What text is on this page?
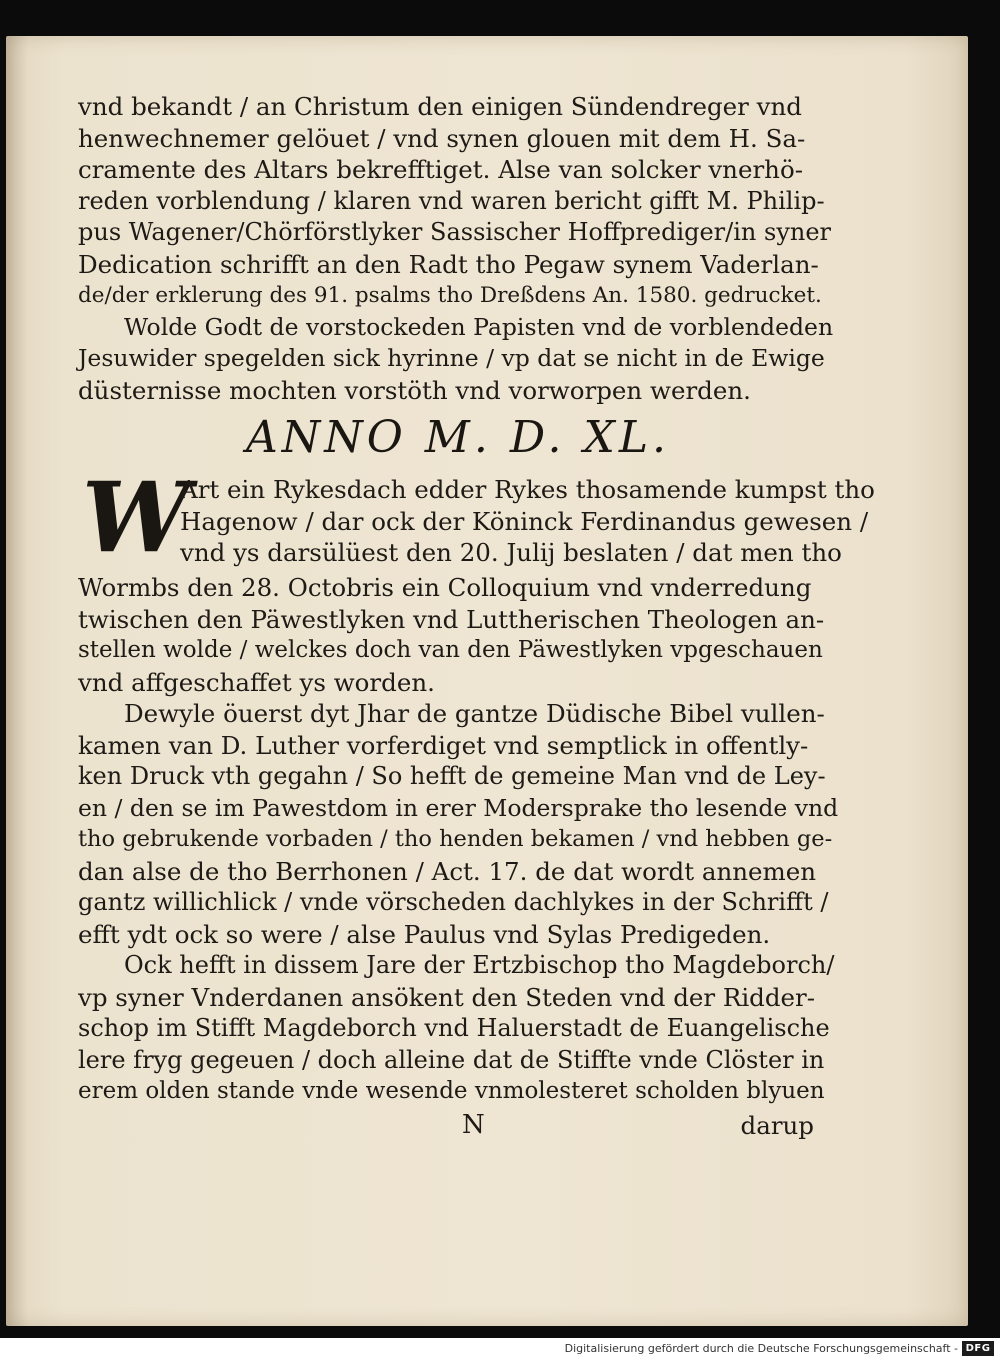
vnd bekandt / an Christum den einigen Sündendreger vnd
henwechnemer gelöuet / vnd synen glouen mit dem H. Sa-
cramente des Altars bekrefftiget. Alse van solcker vnerhö-
reden vorblendung / klaren vnd waren bericht gifft M. Philip-
pus Wagener/Chörförstlyker Sassischer Hoffprediger/in syner
Dedication schrifft an den Radt tho Pegaw synem Vaderlan-
de/der erklerung des 91. psalms tho Dreßdens An. 1580. gedrucket.
Wolde Godt de vorstockeden Papisten vnd de vorblendeden
Jesuwider spegelden sick hyrinne / vp dat se nicht in de Ewige
düsternisse mochten vorstöth vnd vorworpen werden.
ANNO M. D. XL.
W
Art ein Rykesdach edder Rykes thosamende kumpst tho
Hagenow / dar ock der Köninck Ferdinandus gewesen /
vnd ys darsülüest den 20. Julij beslaten / dat men tho
Wormbs den 28. Octobris ein Colloquium vnd vnderredung
twischen den Päwestlyken vnd Luttherischen Theologen an-
stellen wolde / welckes doch van den Päwestlyken vpgeschauen
vnd affgeschaffet ys worden.
Dewyle öuerst dyt Jhar de gantze Düdische Bibel vullen-
kamen van D. Luther vorferdiget vnd semptlick in offently-
ken Druck vth gegahn / So hefft de gemeine Man vnd de Ley-
en / den se im Pawestdom in erer Modersprake tho lesende vnd
tho gebrukende vorbaden / tho henden bekamen / vnd hebben ge-
dan alse de tho Berrhonen / Act. 17. de dat wordt annemen
gantz willichlick / vnde vörscheden dachlykes in der Schrifft /
efft ydt ock so were / alse Paulus vnd Sylas Predigeden.
Ock hefft in dissem Jare der Ertzbischop tho Magdeborch/
vp syner Vnderdanen ansökent den Steden vnd der Ridder-
schop im Stifft Magdeborch vnd Haluerstadt de Euangelische
lere fryg gegeuen / doch alleine dat de Stiffte vnde Clöster in
erem olden stande vnde wesende vnmolesteret scholden blyuen
N	darup
Digitalisierung gefördert durch die Deutsche Forschungsgemeinschaft - DFG
